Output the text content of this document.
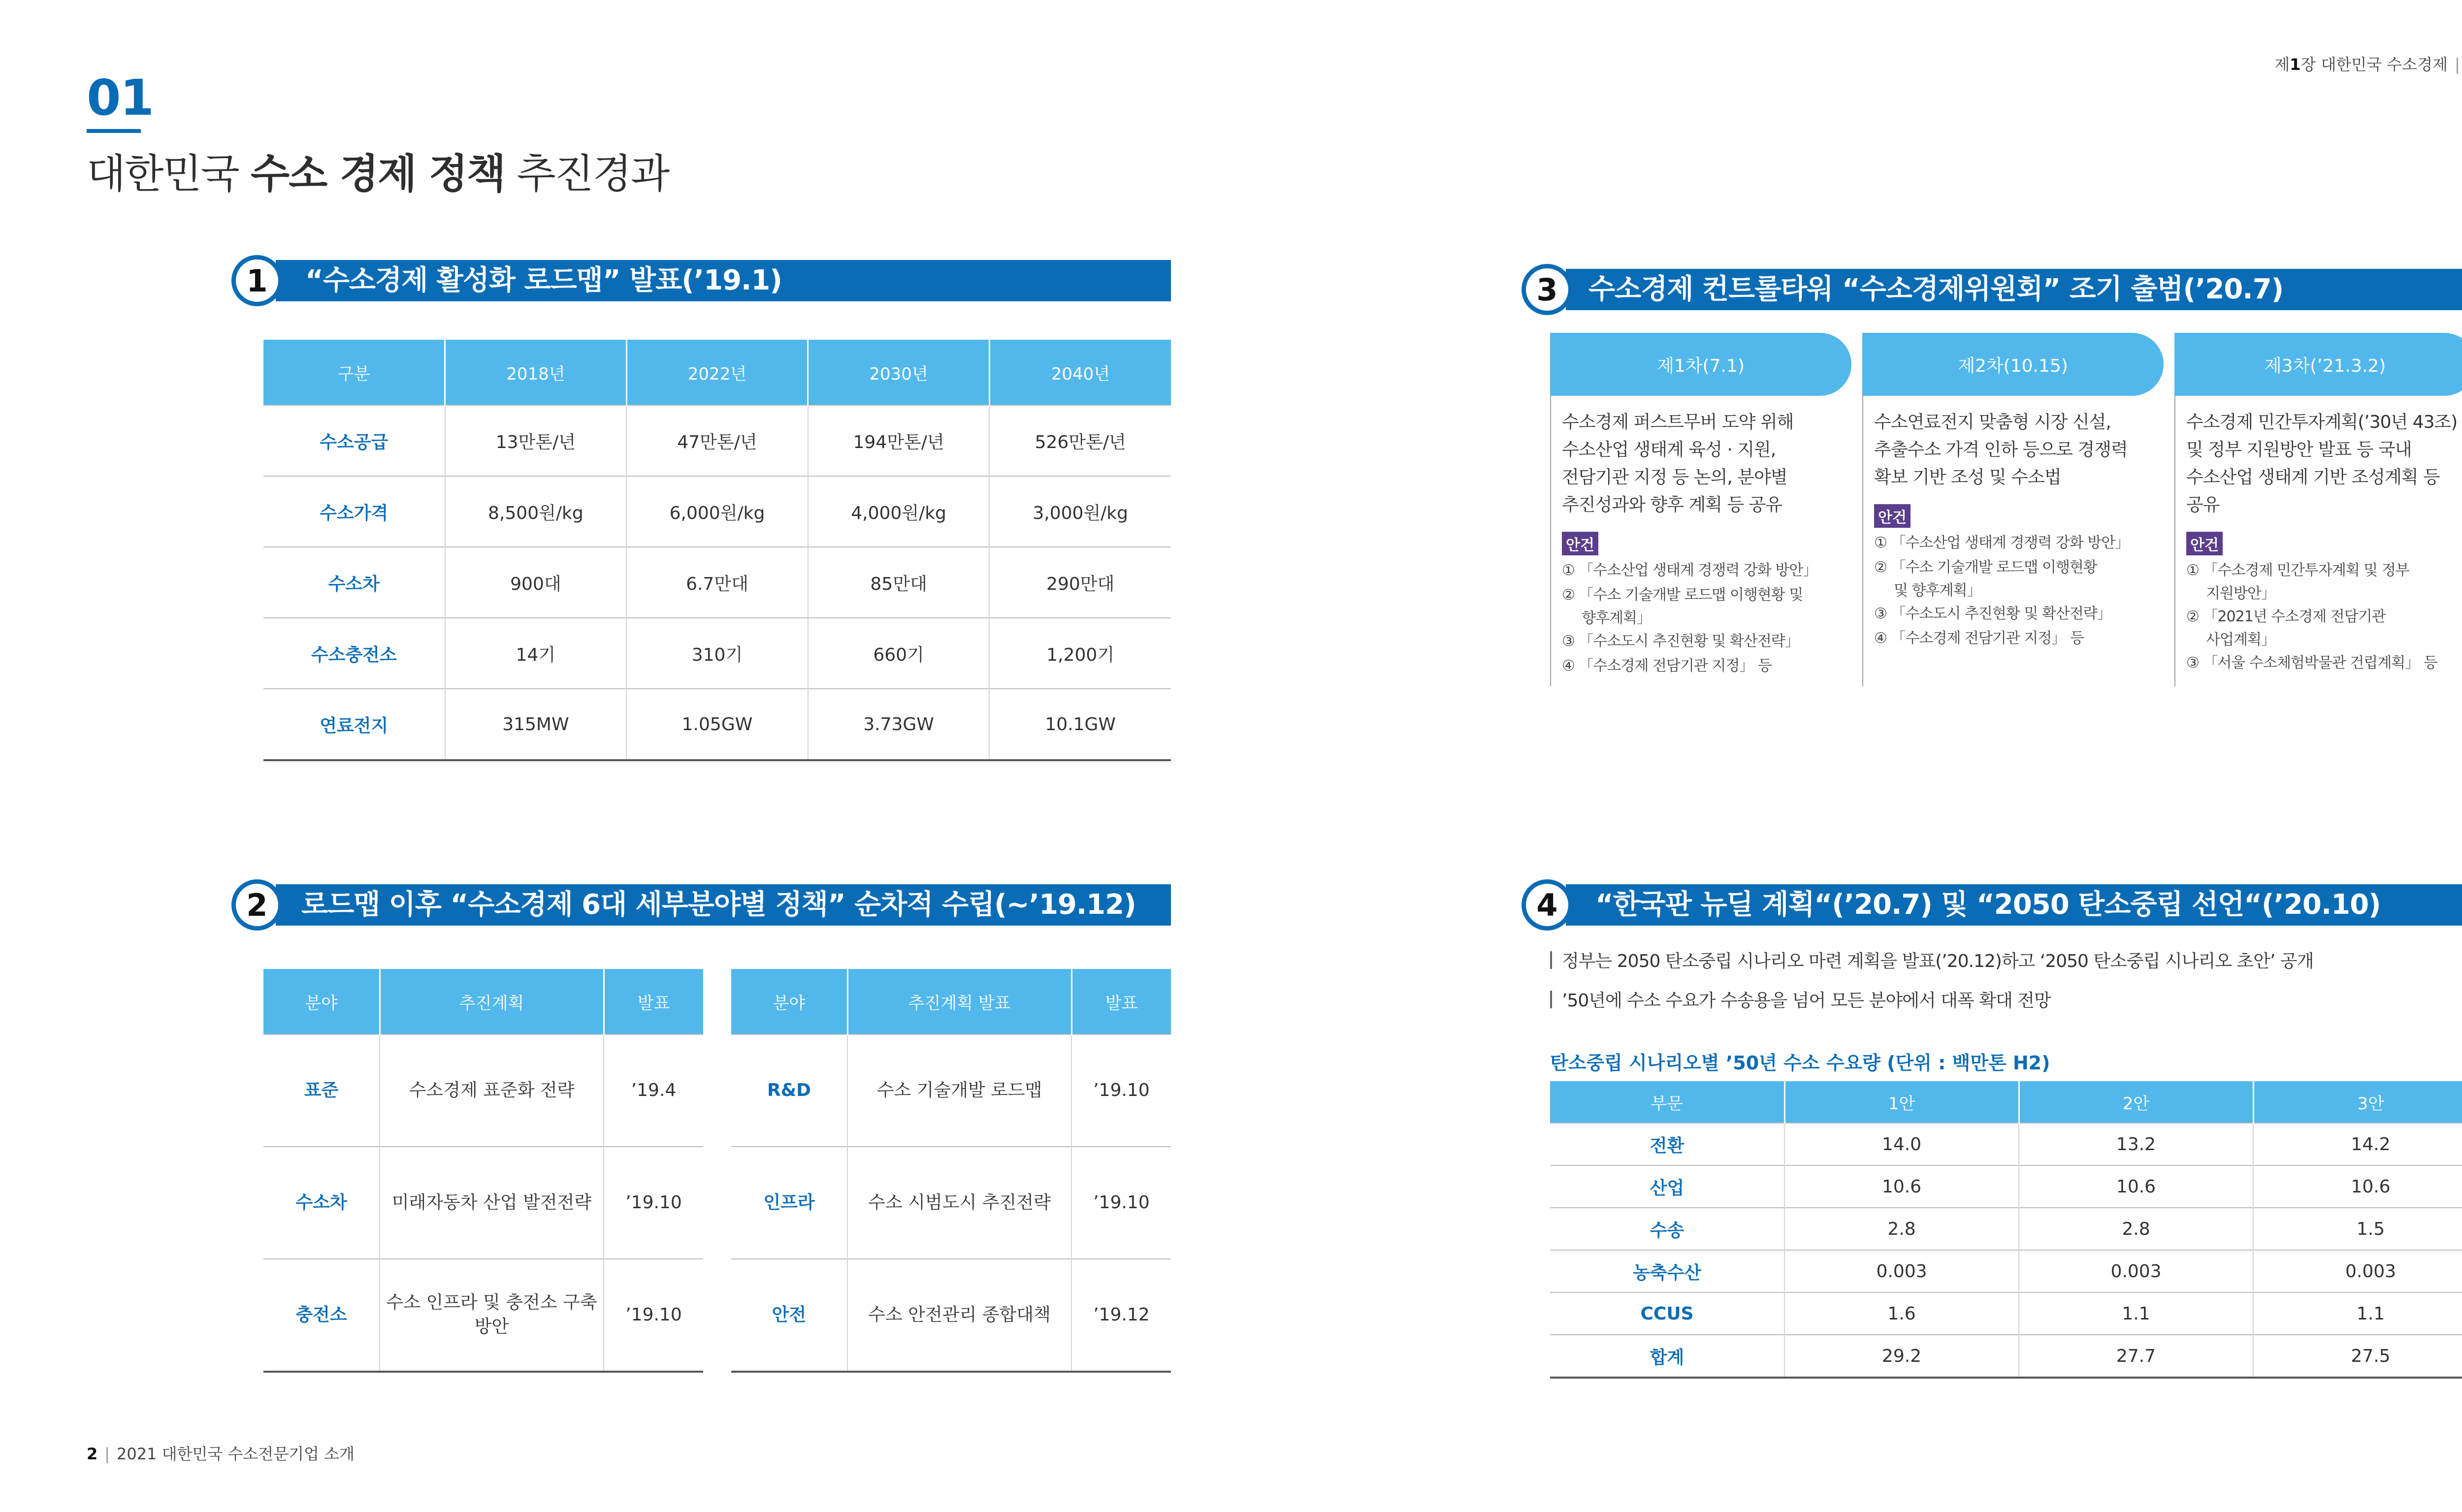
01
대한민국 수소 경제 정책 추진경과
제1장 대한민국 수소경제 |
2 | 2021 대한민국 수소전문기업 소개
1	“수소경제 활성화 로드맵” 발표(’19.1)
구분	2018년	2022년	2030년	2040년
수소공급	13만톤/년	47만톤/년	194만톤/년	526만톤/년
수소가격	8,500원/kg	6,000원/kg	4,000원/kg	3,000원/kg
수소차	900대	6.7만대	85만대	290만대
수소충전소	14기	310기	660기	1,200기
연료전지	315MW	1.05GW	3.73GW	10.1GW
2	로드맵 이후 “수소경제 6대 세부분야별 정책” 순차적 수립(~’19.12)
분야	추진계획	발표
표준	수소경제 표준화 전략	’19.4
수소차	미래자동차 산업 발전전략	’19.10
충전소	수소 인프라 및 충전소 구축방안	’19.10
분야	추진계획 발표	발표
R&D	수소 기술개발 로드맵	’19.10
인프라	수소 시범도시 추진전략	’19.10
안전	수소 안전관리 종합대책	’19.12
3	수소경제 컨트롤타워 “수소경제위원회” 조기 출범(’20.7)
제1차(7.1)
수소경제 퍼스트무버 도약 위해
수소산업 생태계 육성 · 지원,
전담기관 지정 등 논의, 분야별
추진성과와 향후 계획 등 공유
안건
① 「수소산업 생태계 경쟁력 강화 방안」
② 「수소 기술개발 로드맵 이행현황 및
향후계획」
③ 「수소도시 추진현황 및 확산전략」
④ 「수소경제 전담기관 지정」 등
제2차(10.15)
수소연료전지 맞춤형 시장 신설,
추출수소 가격 인하 등으로 경쟁력
확보 기반 조성 및 수소법
안건
① 「수소산업 생태계 경쟁력 강화 방안」
② 「수소 기술개발 로드맵 이행현황
및 향후계획」
③ 「수소도시 추진현황 및 확산전략」
④ 「수소경제 전담기관 지정」 등
제3차(’21.3.2)
수소경제 민간투자계획(’30년 43조)
및 정부 지원방안 발표 등 국내
수소산업 생태계 기반 조성계획 등
공유
안건
① 「수소경제 민간투자계획 및 정부
지원방안」
② 「2021년 수소경제 전담기관
사업계획」
③ 「서울 수소체험박물관 건립계획」 등
4	“한국판 뉴딜 계획“(’20.7) 및 “2050 탄소중립 선언“(’20.10)
정부는 2050 탄소중립 시나리오 마련 계획을 발표(’20.12)하고 ‘2050 탄소중립 시나리오 초안’ 공개
’50년에 수소 수요가 수송용을 넘어 모든 분야에서 대폭 확대 전망
탄소중립 시나리오별 ’50년 수소 수요량 (단위 : 백만톤 H2)
부문	1안	2안	3안
전환	14.0	13.2	14.2
산업	10.6	10.6	10.6
수송	2.8	2.8	1.5
농축수산	0.003	0.003	0.003
CCUS	1.6	1.1	1.1
합계	29.2	27.7	27.5
